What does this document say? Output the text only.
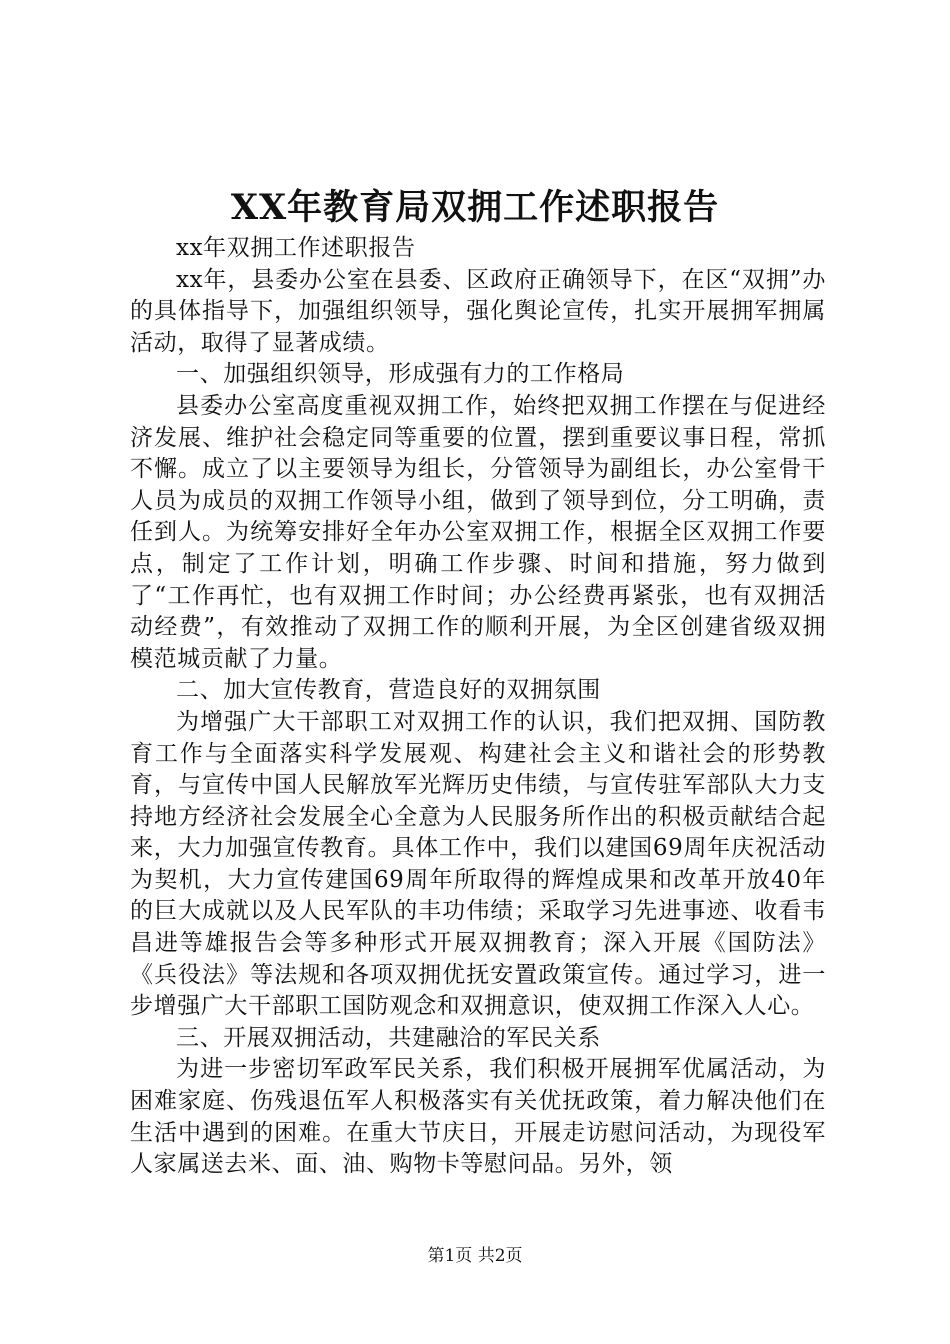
XX年教育局双拥工作述职报告

xx年双拥工作述职报告

xx年，县委办公室在县委、区政府正确领导下，在区“双拥”办的具体指导下，加强组织领导，强化舆论宣传，扎实开展拥军拥属活动，取得了显著成绩。

一、加强组织领导，形成强有力的工作格局

县委办公室高度重视双拥工作，始终把双拥工作摆在与促进经济发展、维护社会稳定同等重要的位置，摆到重要议事日程，常抓不懈。成立了以主要领导为组长，分管领导为副组长，办公室骨干人员为成员的双拥工作领导小组，做到了领导到位，分工明确，责任到人。为统筹安排好全年办公室双拥工作，根据全区双拥工作要点，制定了工作计划，明确工作步骤、时间和措施，努力做到了“工作再忙，也有双拥工作时间；办公经费再紧张，也有双拥活动经费”，有效推动了双拥工作的顺利开展，为全区创建省级双拥模范城贡献了力量。

二、加大宣传教育，营造良好的双拥氛围

为增强广大干部职工对双拥工作的认识，我们把双拥、国防教育工作与全面落实科学发展观、构建社会主义和谐社会的形势教育，与宣传中国人民解放军光辉历史伟绩，与宣传驻军部队大力支持地方经济社会发展全心全意为人民服务所作出的积极贡献结合起来，大力加强宣传教育。具体工作中，我们以建国69周年庆祝活动为契机，大力宣传建国69周年所取得的辉煌成果和改革开放40年的巨大成就以及人民军队的丰功伟绩；采取学习先进事迹、收看韦昌进等雄报告会等多种形式开展双拥教育；深入开展《国防法》《兵役法》等法规和各项双拥优抚安置政策宣传。通过学习，进一步增强广大干部职工国防观念和双拥意识，使双拥工作深入人心。

三、开展双拥活动，共建融洽的军民关系

为进一步密切军政军民关系，我们积极开展拥军优属活动，为困难家庭、伤残退伍军人积极落实有关优抚政策，着力解决他们在生活中遇到的困难。在重大节庆日，开展走访慰问活动，为现役军人家属送去米、面、油、购物卡等慰问品。另外，领

第1页 共2页
